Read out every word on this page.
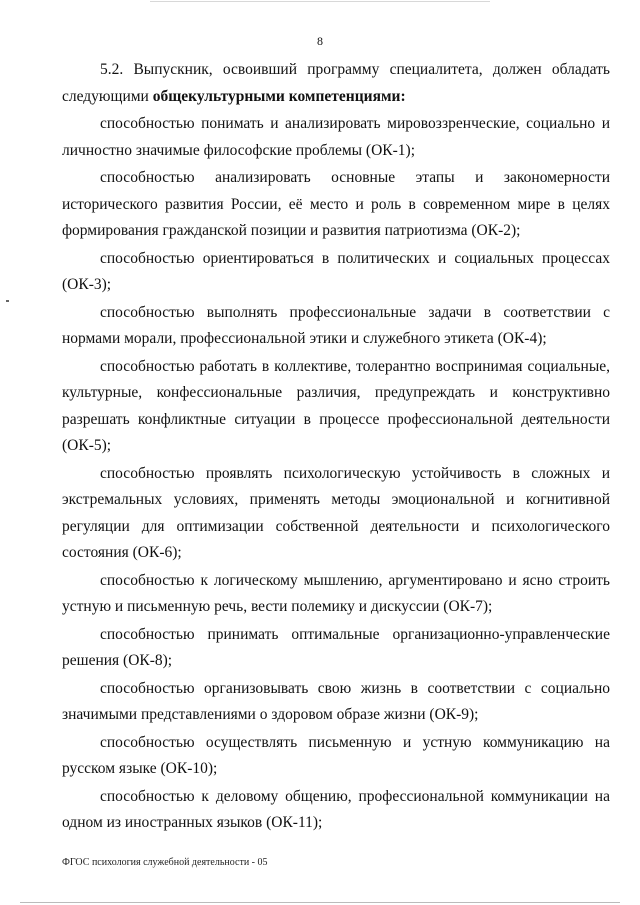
8

5.2. Выпускник, освоивший программу специалитета, должен обладать следующими общекультурными компетенциями:

способностью понимать и анализировать мировоззренческие, социально и личностно значимые философские проблемы (ОК-1);

способностью анализировать основные этапы и закономерности исторического развития России, её место и роль в современном мире в целях формирования гражданской позиции и развития патриотизма (ОК-2);

способностью ориентироваться в политических и социальных процессах (ОК-3);

способностью выполнять профессиональные задачи в соответствии с нормами морали, профессиональной этики и служебного этикета (ОК-4);

способностью работать в коллективе, толерантно воспринимая социальные, культурные, конфессиональные различия, предупреждать и конструктивно разрешать конфликтные ситуации в процессе профессиональной деятельности (ОК-5);

способностью проявлять психологическую устойчивость в сложных и экстремальных условиях, применять методы эмоциональной и когнитивной регуляции для оптимизации собственной деятельности и психологического состояния (ОК-6);

способностью к логическому мышлению, аргументировано и ясно строить устную и письменную речь, вести полемику и дискуссии (ОК-7);

способностью принимать оптимальные организационно-управленческие решения (ОК-8);

способностью организовывать свою жизнь в соответствии с социально значимыми представлениями о здоровом образе жизни (ОК-9);

способностью осуществлять письменную и устную коммуникацию на русском языке (ОК-10);

способностью к деловому общению, профессиональной коммуникации на одном из иностранных языков (ОК-11);

ФГОС психология служебной деятельности - 05
